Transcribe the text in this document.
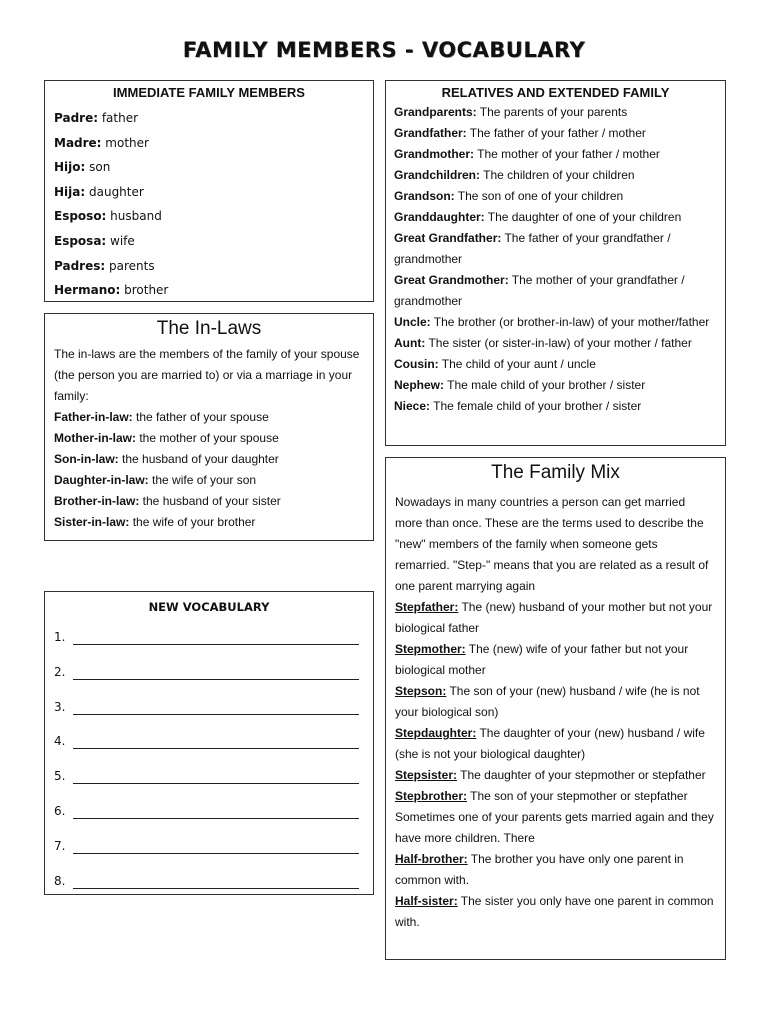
FAMILY MEMBERS - VOCABULARY
IMMEDIATE FAMILY MEMBERS
Padre: father
Madre: mother
Hijo: son
Hija: daughter
Esposo: husband
Esposa: wife
Padres: parents
Hermano: brother
The In-Laws
The in-laws are the members of the family of your spouse (the person you are married to) or via a marriage in your family:
Father-in-law: the father of your spouse
Mother-in-law: the mother of your spouse
Son-in-law: the husband of your daughter
Daughter-in-law: the wife of your son
Brother-in-law: the husband of your sister
Sister-in-law: the wife of your brother
NEW VOCABULARY
1.
2.
3.
4.
5.
6.
7.
8.
RELATIVES AND EXTENDED FAMILY
Grandparents: The parents of your parents
Grandfather: The father of your father / mother
Grandmother: The mother of your father / mother
Grandchildren: The children of your children
Grandson: The son of one of your children
Granddaughter: The daughter of one of your children
Great Grandfather: The father of your grandfather / grandmother
Great Grandmother: The mother of your grandfather / grandmother
Uncle: The brother (or brother-in-law) of your mother/father
Aunt: The sister (or sister-in-law) of your mother / father
Cousin: The child of your aunt / uncle
Nephew: The male child of your brother / sister
Niece: The female child of your brother / sister
The Family Mix
Nowadays in many countries a person can get married more than once. These are the terms used to describe the "new" members of the family when someone gets remarried. "Step-" means that you are related as a result of one parent marrying again
Stepfather: The (new) husband of your mother but not your biological father
Stepmother: The (new) wife of your father but not your biological mother
Stepson: The son of your (new) husband / wife (he is not your biological son)
Stepdaughter: The daughter of your (new) husband / wife (she is not your biological daughter)
Stepsister: The daughter of your stepmother or stepfather
Stepbrother: The son of your stepmother or stepfather
Sometimes one of your parents gets married again and they have more children. There
Half-brother: The brother you have only one parent in common with.
Half-sister: The sister you only have one parent in common with.
